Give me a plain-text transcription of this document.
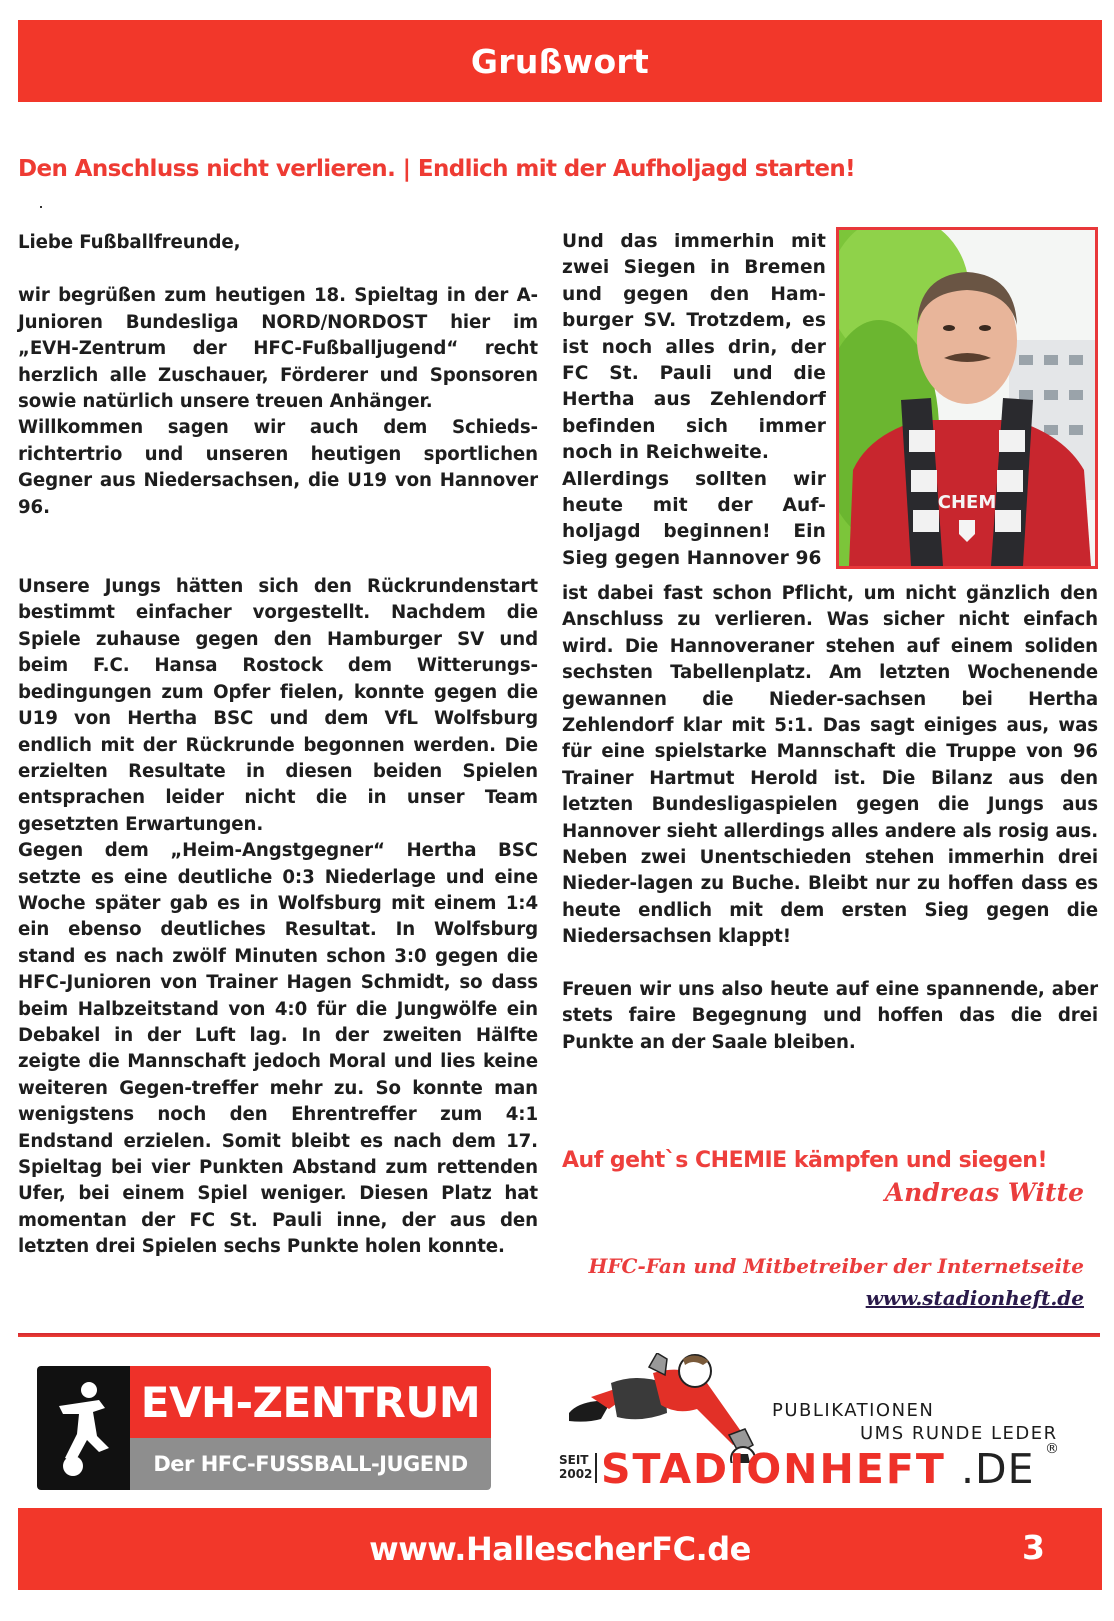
Grußwort
Den Anschluss nicht verlieren. | Endlich mit der Aufholjagd starten!

Liebe Fußballfreunde,

wir begrüßen zum heutigen 18. Spieltag in der A-Junioren Bundesliga NORD/NORDOST hier im „EVH-Zentrum der HFC-Fußballjugend“ recht herzlich alle Zuschauer, Förderer und Sponsoren sowie natürlich unsere treuen Anhänger.

Willkommen sagen wir auch dem Schieds-richtertrio und unseren heutigen sportlichen Gegner aus Niedersachsen, die U19 von Hannover 96.

Unsere Jungs hätten sich den Rückrundenstart bestimmt einfacher vorgestellt. Nachdem die Spiele zuhause gegen den Hamburger SV und beim F.C. Hansa Rostock dem Witterungs-bedingungen zum Opfer fielen, konnte gegen die U19 von Hertha BSC und dem VfL Wolfsburg endlich mit der Rückrunde begonnen werden. Die erzielten Resultate in diesen beiden Spielen entsprachen leider nicht die in unser Team gesetzten Erwartungen.

Gegen dem „Heim-Angstgegner“ Hertha BSC setzte es eine deutliche 0:3 Niederlage und eine Woche später gab es in Wolfsburg mit einem 1:4 ein ebenso deutliches Resultat. In Wolfsburg stand es nach zwölf Minuten schon 3:0 gegen die HFC-Junioren von Trainer Hagen Schmidt, so dass beim Halbzeitstand von 4:0 für die Jungwölfe ein Debakel in der Luft lag. In der zweiten Hälfte zeigte die Mannschaft jedoch Moral und lies keine weiteren Gegen-treffer mehr zu. So konnte man wenigstens noch den Ehrentreffer zum 4:1 Endstand erzielen. Somit bleibt es nach dem 17. Spieltag bei vier Punkten Abstand zum rettenden Ufer, bei einem Spiel weniger. Diesen Platz hat momentan der FC St. Pauli inne, der aus den letzten drei Spielen sechs Punkte holen konnte.

Und das immerhin mit zwei Siegen in Bremen und gegen den Ham-burger SV. Trotzdem, es ist noch alles drin, der FC St. Pauli und die Hertha aus Zehlendorf befinden sich immer noch in Reichweite.

Allerdings sollten wir heute mit der Auf-holjagd beginnen! Ein Sieg gegen Hannover 96

CHEM

ist dabei fast schon Pflicht, um nicht gänzlich den Anschluss zu verlieren. Was sicher nicht einfach wird. Die Hannoveraner stehen auf einem soliden sechsten Tabellenplatz. Am letzten Wochenende gewannen die Nieder-sachsen bei Hertha Zehlendorf klar mit 5:1. Das sagt einiges aus, was für eine spielstarke Mannschaft die Truppe von 96 Trainer Hartmut Herold ist. Die Bilanz aus den letzten Bundesligaspielen gegen die Jungs aus Hannover sieht allerdings alles andere als rosig aus. Neben zwei Unentschieden stehen immerhin drei Nieder-lagen zu Buche. Bleibt nur zu hoffen dass es heute endlich mit dem ersten Sieg gegen die Niedersachsen klappt!

Freuen wir uns also heute auf eine spannende, aber stets faire Begegnung und hoffen das die drei Punkte an der Saale bleiben.

Auf geht`s CHEMIE kämpfen und siegen!
Andreas Witte
HFC-Fan und Mitbetreiber der Internetseite
www.stadionheft.de
EVH-ZENTRUM
Der HFC-FUSSBALL-JUGEND
PUBLIKATIONEN
UMS RUNDE LEDER
SEIT
2002 STADIONHEFT .DE ®
www.HallescherFC.de	3
